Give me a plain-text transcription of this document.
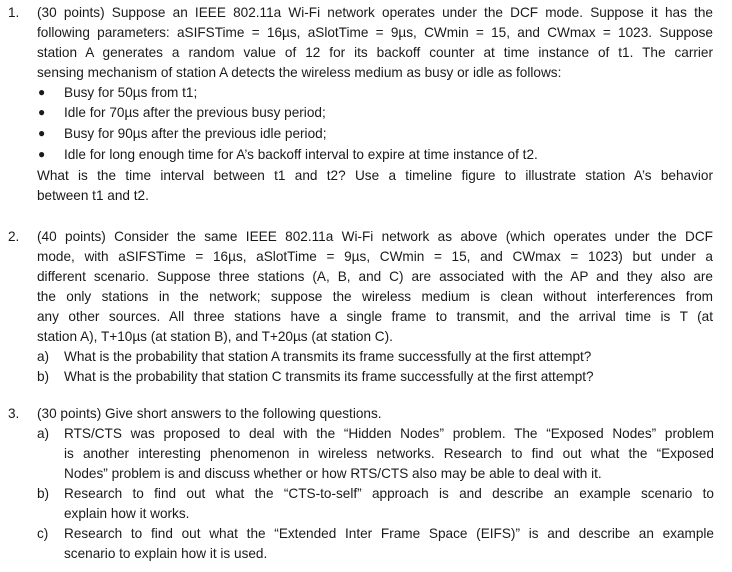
1. (30 points) Suppose an IEEE 802.11a Wi-Fi network operates under the DCF mode. Suppose it has the
following parameters: aSIFSTime = 16µs, aSlotTime = 9µs, CWmin = 15, and CWmax = 1023. Suppose
station A generates a random value of 12 for its backoff counter at time instance of t1. The carrier
sensing mechanism of station A detects the wireless medium as busy or idle as follows:
● Busy for 50µs from t1;
● Idle for 70µs after the previous busy period;
● Busy for 90µs after the previous idle period;
● Idle for long enough time for A’s backoff interval to expire at time instance of t2.
What is the time interval between t1 and t2? Use a timeline figure to illustrate station A’s behavior
between t1 and t2.
2. (40 points) Consider the same IEEE 802.11a Wi-Fi network as above (which operates under the DCF
mode, with aSIFSTime = 16µs, aSlotTime = 9µs, CWmin = 15, and CWmax = 1023) but under a
different scenario. Suppose three stations (A, B, and C) are associated with the AP and they also are
the only stations in the network; suppose the wireless medium is clean without interferences from
any other sources. All three stations have a single frame to transmit, and the arrival time is T (at
station A), T+10µs (at station B), and T+20µs (at station C).
a) What is the probability that station A transmits its frame successfully at the first attempt?
b) What is the probability that station C transmits its frame successfully at the first attempt?
3. (30 points) Give short answers to the following questions.
a) RTS/CTS was proposed to deal with the “Hidden Nodes” problem. The “Exposed Nodes” problem
is another interesting phenomenon in wireless networks. Research to find out what the “Exposed
Nodes” problem is and discuss whether or how RTS/CTS also may be able to deal with it.
b) Research to find out what the “CTS-to-self” approach is and describe an example scenario to
explain how it works.
c) Research to find out what the “Extended Inter Frame Space (EIFS)” is and describe an example
scenario to explain how it is used.
